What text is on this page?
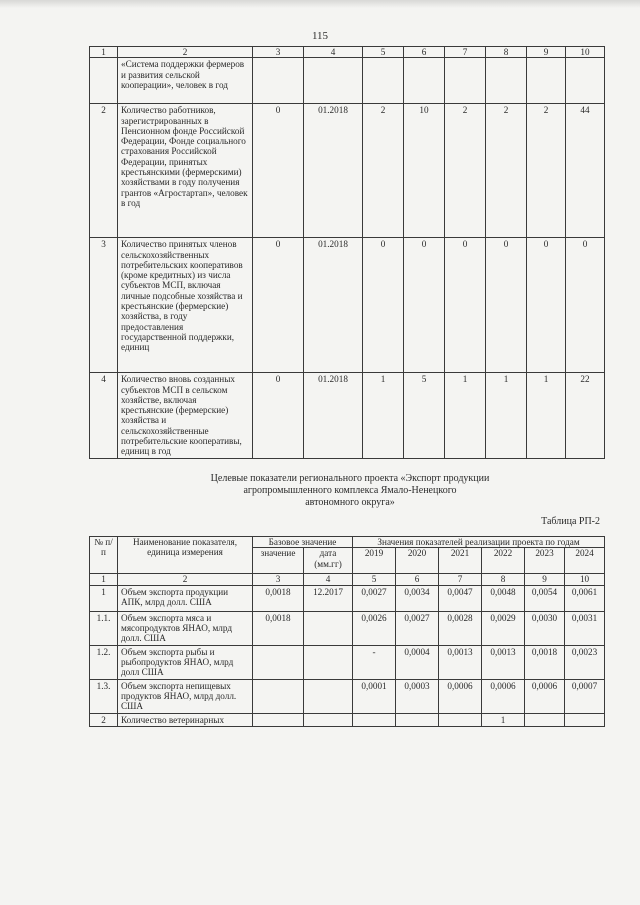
115
1	2	3	4	5	6	7	8	9	10
	«Система поддержки фермеров и развития сельской кооперации», человек в год								
2	Количество работников, зарегистрированных в Пенсионном фонде Российской Федерации, Фонде социального страхования Российской Федерации, принятых крестьянскими (фермерскими) хозяйствами в году получения грантов «Агростартап», человек в год	0	01.2018	2	10	2	2	2	44
3	Количество принятых членов сельскохозяйственных потребительских кооперативов (кроме кредитных) из числа субъектов МСП, включая личные подсобные хозяйства и крестьянские (фермерские) хозяйства, в году предоставления государственной поддержки, единиц	0	01.2018	0	0	0	0	0	0
4	Количество вновь созданных субъектов МСП в сельском хозяйстве, включая крестьянские (фермерские) хозяйства и сельскохозяйственные потребительские кооперативы, единиц в год	0	01.2018	1	5	1	1	1	22
Целевые показатели регионального проекта «Экспорт продукции
агропромышленного комплекса Ямало-Ненецкого
автономного округа»
Таблица РП-2
№ п/п	Наименование показателя, единица измерения	Базовое значение		Значения показателей реализации проекта по годам					
		значение	дата (мм.гг)	2019	2020	2021	2022	2023	2024
1	2	3	4	5	6	7	8	9	10
1	Объем экспорта продукции АПК, млрд долл. США	0,0018	12.2017	0,0027	0,0034	0,0047	0,0048	0,0054	0,0061
1.1.	Объем экспорта мяса и мясопродуктов ЯНАО, млрд долл. США	0,0018		0,0026	0,0027	0,0028	0,0029	0,0030	0,0031
1.2.	Объем экспорта рыбы и рыбопродуктов ЯНАО, млрд долл США			-	0,0004	0,0013	0,0013	0,0018	0,0023
1.3.	Объем экспорта непищевых продуктов ЯНАО, млрд долл. США			0,0001	0,0003	0,0006	0,0006	0,0006	0,0007
2	Количество ветеринарных						1		
